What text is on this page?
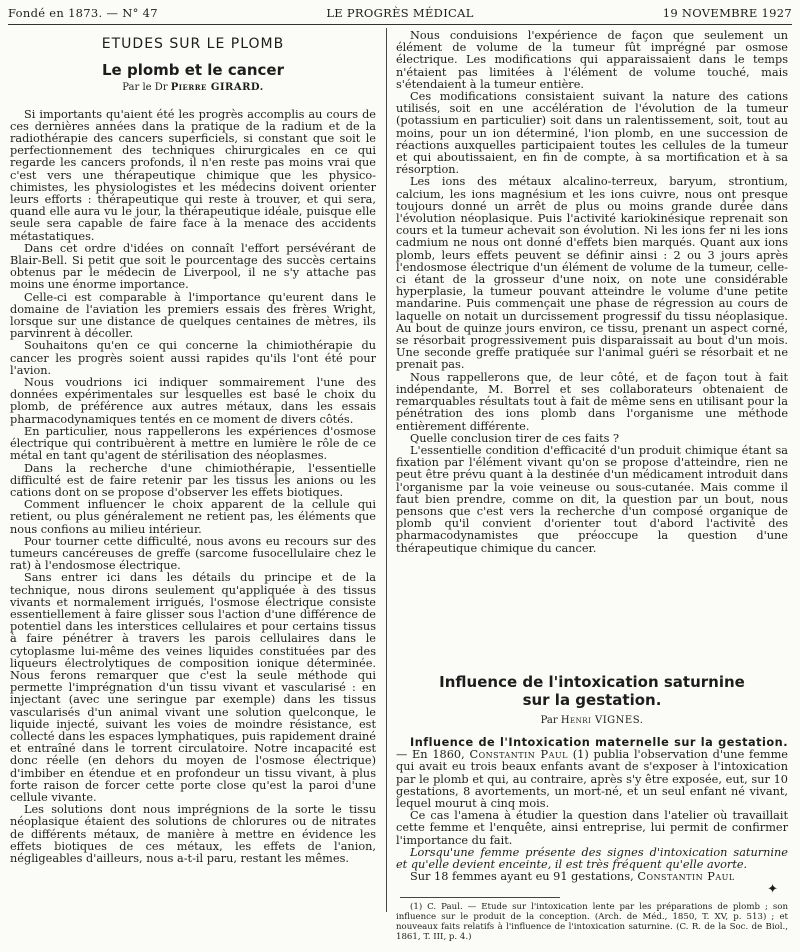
Fondé en 1873. — N° 47	LE PROGRÈS MÉDICAL	19 NOVEMBRE 1927
ETUDES SUR LE PLOMB
Le plomb et le cancer
Par le Dr Pierre GIRARD.

Si importants qu'aient été les progrès accomplis au cours de ces dernières années dans la pratique de la radium et de la radiothérapie des cancers superficiels, si constant que soit le perfectionnement des techniques chirurgicales en ce qui regarde les cancers profonds, il n'en reste pas moins vrai que c'est vers une thérapeutique chimique que les physico-chimistes, les physiologistes et les médecins doivent orienter leurs efforts : thérapeutique qui reste à trouver, et qui sera, quand elle aura vu le jour, la thérapeutique idéale, puisque elle seule sera capable de faire face à la menace des accidents métastatiques.

Dans cet ordre d'idées on connaît l'effort persévérant de Blair-Bell. Si petit que soit le pourcentage des succès certains obtenus par le médecin de Liverpool, il ne s'y attache pas moins une énorme importance.

Celle-ci est comparable à l'importance qu'eurent dans le domaine de l'aviation les premiers essais des frères Wright, lorsque sur une distance de quelques centaines de mètres, ils parvinrent à décoller.

Souhaitons qu'en ce qui concerne la chimiothérapie du cancer les progrès soient aussi rapides qu'ils l'ont été pour l'avion.

Nous voudrions ici indiquer sommairement l'une des données expérimentales sur lesquelles est basé le choix du plomb, de préférence aux autres métaux, dans les essais pharmacodynamiques tentés en ce moment de divers côtés.

En particulier, nous rappellerons les expériences d'osmose électrique qui contribuèrent à mettre en lumière le rôle de ce métal en tant qu'agent de stérilisation des néoplasmes.

Dans la recherche d'une chimiothérapie, l'essentielle difficulté est de faire retenir par les tissus les anions ou les cations dont on se propose d'observer les effets biotiques.

Comment influencer le choix apparent de la cellule qui retient, ou plus généralement ne retient pas, les éléments que nous confions au milieu intérieur.

Pour tourner cette difficulté, nous avons eu recours sur des tumeurs cancéreuses de greffe (sarcome fusocellulaire chez le rat) à l'endosmose électrique.

Sans entrer ici dans les détails du principe et de la technique, nous dirons seulement qu'appliquée à des tissus vivants et normalement irrigués, l'osmose électrique consiste essentiellement à faire glisser sous l'action d'une différence de potentiel dans les interstices cellulaires et pour certains tissus à faire pénétrer à travers les parois cellulaires dans le cytoplasme lui-même des veines liquides constituées par des liqueurs électrolytiques de composition ionique déterminée. Nous ferons remarquer que c'est la seule méthode qui permette l'imprégnation d'un tissu vivant et vascularisé : en injectant (avec une seringue par exemple) dans les tissus vascularisés d'un animal vivant une solution quelconque, le liquide injecté, suivant les voies de moindre résistance, est collecté dans les espaces lymphatiques, puis rapidement drainé et entraîné dans le torrent circulatoire. Notre incapacité est donc réelle (en dehors du moyen de l'osmose électrique) d'imbiber en étendue et en profondeur un tissu vivant, à plus forte raison de forcer cette porte close qu'est la paroi d'une cellule vivante.

Les solutions dont nous imprégnions de la sorte le tissu néoplasique étaient des solutions de chlorures ou de nitrates de différents métaux, de manière à mettre en évidence les effets biotiques de ces métaux, les effets de l'anion, négligeables d'ailleurs, nous a-t-il paru, restant les mêmes.

Nous conduisions l'expérience de façon que seulement un élément de volume de la tumeur fût imprégné par osmose électrique. Les modifications qui apparaissaient dans le temps n'étaient pas limitées à l'élément de volume touché, mais s'étendaient à la tumeur entière.

Ces modifications consistaient suivant la nature des cations utilisés, soit en une accélération de l'évolution de la tumeur (potassium en particulier) soit dans un ralentissement, soit, tout au moins, pour un ion déterminé, l'ion plomb, en une succession de réactions auxquelles participaient toutes les cellules de la tumeur et qui aboutissaient, en fin de compte, à sa mortification et à sa résorption.

Les ions des métaux alcalino-terreux, baryum, strontium, calcium, les ions magnésium et les ions cuivre, nous ont presque toujours donné un arrêt de plus ou moins grande durée dans l'évolution néoplasique. Puis l'activité kariokinésique reprenait son cours et la tumeur achevait son évolution. Ni les ions fer ni les ions cadmium ne nous ont donné d'effets bien marqués. Quant aux ions plomb, leurs effets peuvent se définir ainsi : 2 ou 3 jours après l'endosmose électrique d'un élément de volume de la tumeur, celle-ci étant de la grosseur d'une noix, on note une considérable hyperplasie, la tumeur pouvant atteindre le volume d'une petite mandarine. Puis commençait une phase de régression au cours de laquelle on notait un durcissement progressif du tissu néoplasique. Au bout de quinze jours environ, ce tissu, prenant un aspect corné, se résorbait progressivement puis disparaissait au bout d'un mois. Une seconde greffe pratiquée sur l'animal guéri se résorbait et ne prenait pas.

Nous rappellerons que, de leur côté, et de façon tout à fait indépendante, M. Borrel et ses collaborateurs obtenaient de remarquables résultats tout à fait de même sens en utilisant pour la pénétration des ions plomb dans l'organisme une méthode entièrement différente.

Quelle conclusion tirer de ces faits ?

L'essentielle condition d'efficacité d'un produit chimique étant sa fixation par l'élément vivant qu'on se propose d'atteindre, rien ne peut être prévu quant à la destinée d'un médicament introduit dans l'organisme par la voie veineuse ou sous-cutanée. Mais comme il faut bien prendre, comme on dit, la question par un bout, nous pensons que c'est vers la recherche d'un composé organique de plomb qu'il convient d'orienter tout d'abord l'activité des pharmacodynamistes que préoccupe la question d'une thérapeutique chimique du cancer.

Influence de l'intoxication saturnine
sur la gestation.
Par Henri VIGNES.

Influence de l'Intoxication maternelle sur la gestation. — En 1860, Constantin Paul (1) publia l'observation d'une femme qui avait eu trois beaux enfants avant de s'exposer à l'intoxication par le plomb et qui, au contraire, après s'y être exposée, eut, sur 10 gestations, 8 avortements, un mort-né, et un seul enfant né vivant, lequel mourut à cinq mois.

Ce cas l'amena à étudier la question dans l'atelier où travaillait cette femme et l'enquête, ainsi entreprise, lui permit de confirmer l'importance du fait.

Lorsqu'une femme présente des signes d'intoxication saturnine et qu'elle devient enceinte, il est très fréquent qu'elle avorte.

Sur 18 femmes ayant eu 91 gestations, Constantin Paul

(1) C. Paul. — Etude sur l'intoxication lente par les préparations de plomb ; son influence sur le produit de la conception. (Arch. de Méd., 1850, T. XV, p. 513) ; et nouveaux faits relatifs à l'influence de l'intoxication saturnine. (C. R. de la Soc. de Biol., 1861, T. III, p. 4.)

✦
